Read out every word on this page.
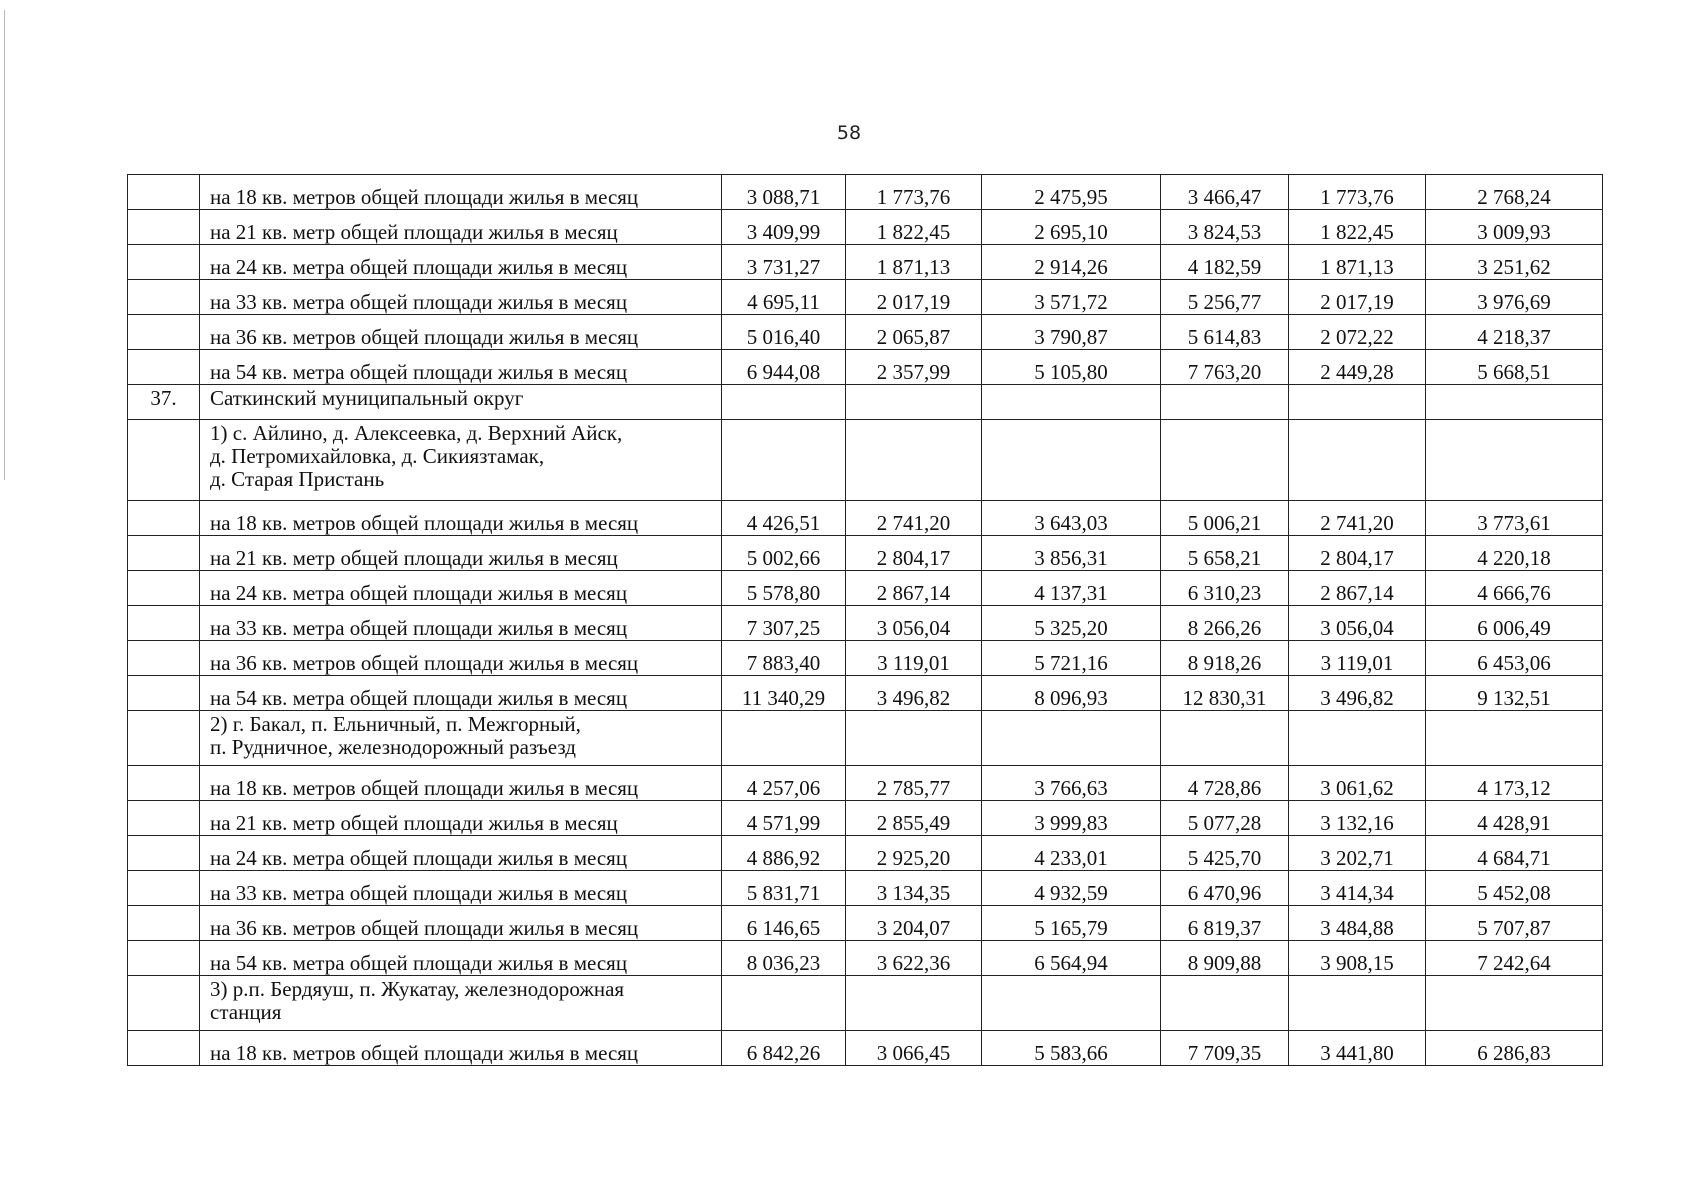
58
	на 18 кв. метров общей площади жилья в месяц	3 088,71	1 773,76	2 475,95	3 466,47	1 773,76	2 768,24
	на 21 кв. метр общей площади жилья в месяц	3 409,99	1 822,45	2 695,10	3 824,53	1 822,45	3 009,93
	на 24 кв. метра общей площади жилья в месяц	3 731,27	1 871,13	2 914,26	4 182,59	1 871,13	3 251,62
	на 33 кв. метра общей площади жилья в месяц	4 695,11	2 017,19	3 571,72	5 256,77	2 017,19	3 976,69
	на 36 кв. метров общей площади жилья в месяц	5 016,40	2 065,87	3 790,87	5 614,83	2 072,22	4 218,37
	на 54 кв. метра общей площади жилья в месяц	6 944,08	2 357,99	5 105,80	7 763,20	2 449,28	5 668,51
37.	Саткинский муниципальный округ						
	1) с. Айлино, д. Алексеевка, д. Верхний Айск,
д. Петромихайловка, д. Сикиязтамак,
д. Старая Пристань						
	на 18 кв. метров общей площади жилья в месяц	4 426,51	2 741,20	3 643,03	5 006,21	2 741,20	3 773,61
	на 21 кв. метр общей площади жилья в месяц	5 002,66	2 804,17	3 856,31	5 658,21	2 804,17	4 220,18
	на 24 кв. метра общей площади жилья в месяц	5 578,80	2 867,14	4 137,31	6 310,23	2 867,14	4 666,76
	на 33 кв. метра общей площади жилья в месяц	7 307,25	3 056,04	5 325,20	8 266,26	3 056,04	6 006,49
	на 36 кв. метров общей площади жилья в месяц	7 883,40	3 119,01	5 721,16	8 918,26	3 119,01	6 453,06
	на 54 кв. метра общей площади жилья в месяц	11 340,29	3 496,82	8 096,93	12 830,31	3 496,82	9 132,51
	2) г. Бакал, п. Ельничный, п. Межгорный,
п. Рудничное, железнодорожный разъезд						
	на 18 кв. метров общей площади жилья в месяц	4 257,06	2 785,77	3 766,63	4 728,86	3 061,62	4 173,12
	на 21 кв. метр общей площади жилья в месяц	4 571,99	2 855,49	3 999,83	5 077,28	3 132,16	4 428,91
	на 24 кв. метра общей площади жилья в месяц	4 886,92	2 925,20	4 233,01	5 425,70	3 202,71	4 684,71
	на 33 кв. метра общей площади жилья в месяц	5 831,71	3 134,35	4 932,59	6 470,96	3 414,34	5 452,08
	на 36 кв. метров общей площади жилья в месяц	6 146,65	3 204,07	5 165,79	6 819,37	3 484,88	5 707,87
	на 54 кв. метра общей площади жилья в месяц	8 036,23	3 622,36	6 564,94	8 909,88	3 908,15	7 242,64
	3) р.п. Бердяуш, п. Жукатау, железнодорожная
станция						
	на 18 кв. метров общей площади жилья в месяц	6 842,26	3 066,45	5 583,66	7 709,35	3 441,80	6 286,83
